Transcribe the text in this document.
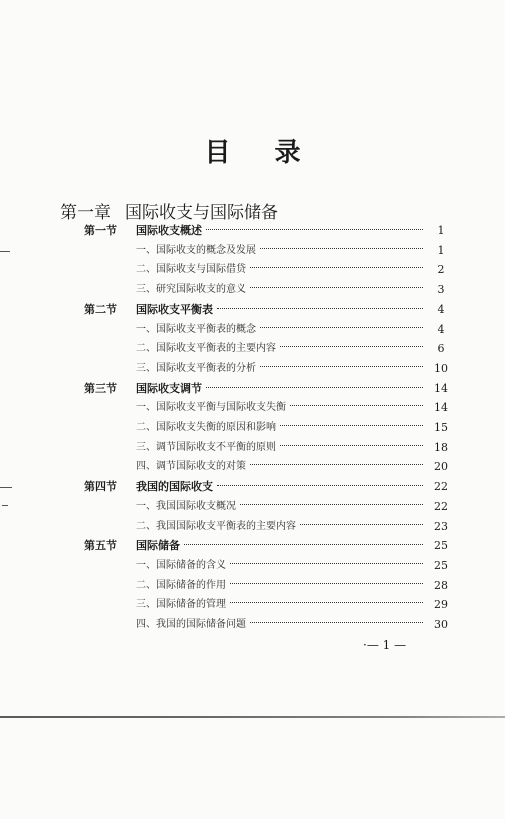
目 录
第一章 国际收支与国际储备
第一节	国际收支概述	1
一、国际收支的概念及发展	1
二、国际收支与国际借贷	2
三、研究国际收支的意义	3
第二节	国际收支平衡表	4
一、国际收支平衡表的概念	4
二、国际收支平衡表的主要内容	6
三、国际收支平衡表的分析	10
第三节	国际收支调节	14
一、国际收支平衡与国际收支失衡	14
二、国际收支失衡的原因和影响	15
三、调节国际收支不平衡的原则	18
四、调节国际收支的对策	20
第四节	我国的国际收支	22
一、我国国际收支概况	22
二、我国国际收支平衡表的主要内容	23
第五节	国际储备	25
一、国际储备的含义	25
二、国际储备的作用	28
三、国际储备的管理	29
四、我国的国际储备问题	30
·— 1 —
